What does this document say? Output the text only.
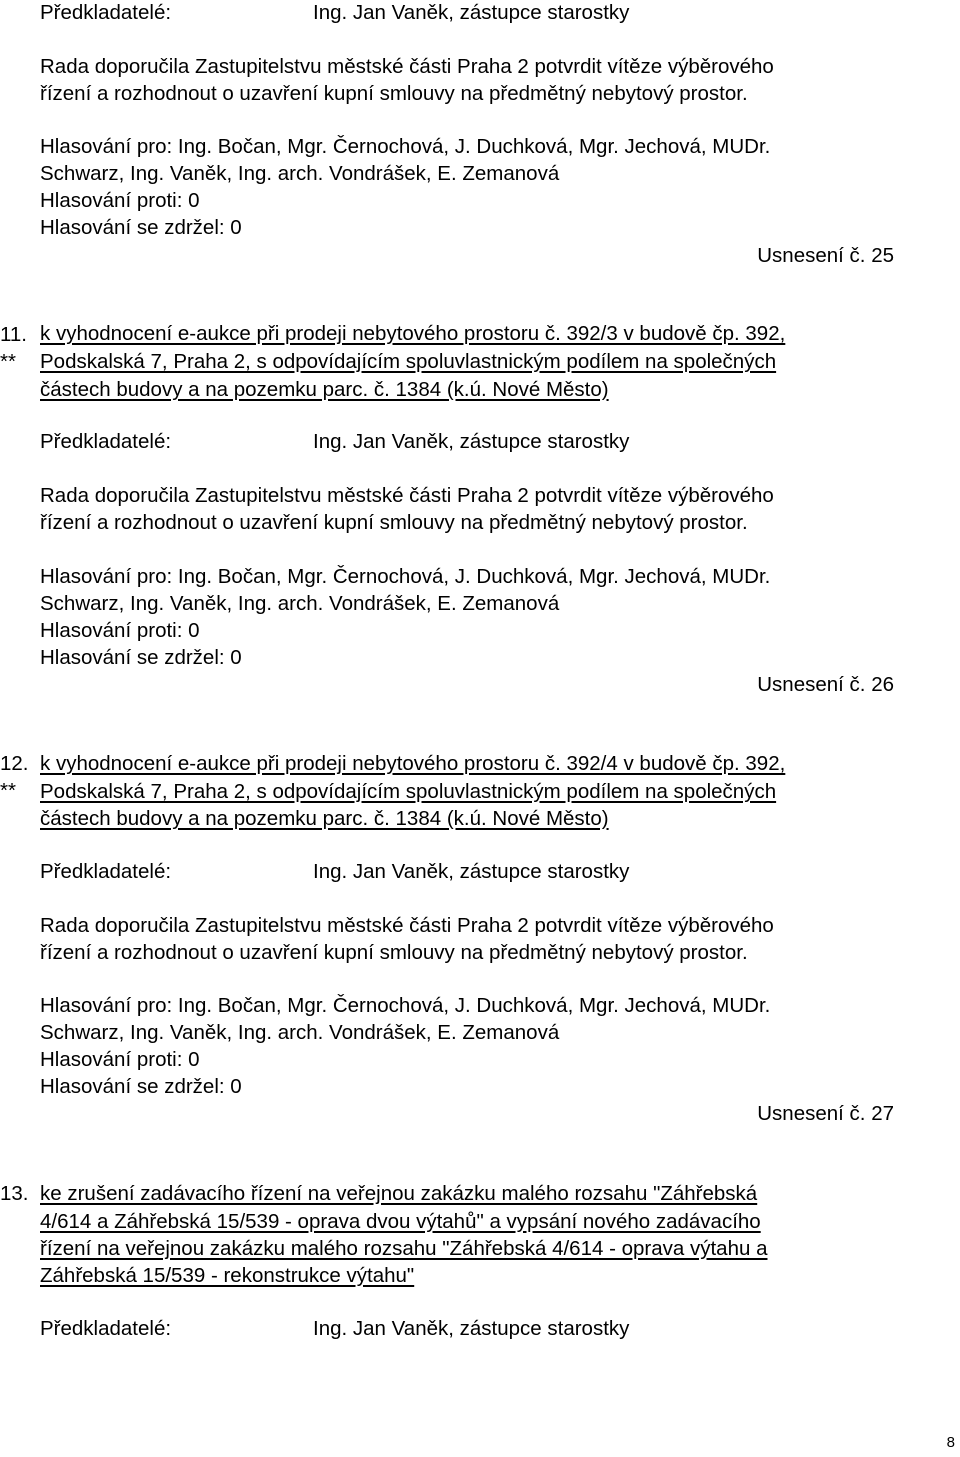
Předkladatelé:	Ing. Jan Vaněk, zástupce starostky
Rada doporučila Zastupitelstvu městské části Praha 2 potvrdit vítěze výběrového
řízení a rozhodnout o uzavření kupní smlouvy na předmětný nebytový prostor.
Hlasování pro: Ing. Bočan, Mgr. Černochová, J. Duchková, Mgr. Jechová, MUDr.
Schwarz, Ing. Vaněk, Ing. arch. Vondrášek, E. Zemanová
Hlasování proti: 0
Hlasování se zdržel: 0
Usnesení č. 25
11.
**
k vyhodnocení e-aukce při prodeji nebytového prostoru č. 392/3 v budově čp. 392,
Podskalská 7, Praha 2, s odpovídajícím spoluvlastnickým podílem na společných
částech budovy a na pozemku parc. č. 1384 (k.ú. Nové Město)
Předkladatelé:	Ing. Jan Vaněk, zástupce starostky
Rada doporučila Zastupitelstvu městské části Praha 2 potvrdit vítěze výběrového
řízení a rozhodnout o uzavření kupní smlouvy na předmětný nebytový prostor.
Hlasování pro: Ing. Bočan, Mgr. Černochová, J. Duchková, Mgr. Jechová, MUDr.
Schwarz, Ing. Vaněk, Ing. arch. Vondrášek, E. Zemanová
Hlasování proti: 0
Hlasování se zdržel: 0
Usnesení č. 26
12.
**
k vyhodnocení e-aukce při prodeji nebytového prostoru č. 392/4 v budově čp. 392,
Podskalská 7, Praha 2, s odpovídajícím spoluvlastnickým podílem na společných
částech budovy a na pozemku parc. č. 1384 (k.ú. Nové Město)
Předkladatelé:	Ing. Jan Vaněk, zástupce starostky
Rada doporučila Zastupitelstvu městské části Praha 2 potvrdit vítěze výběrového
řízení a rozhodnout o uzavření kupní smlouvy na předmětný nebytový prostor.
Hlasování pro: Ing. Bočan, Mgr. Černochová, J. Duchková, Mgr. Jechová, MUDr.
Schwarz, Ing. Vaněk, Ing. arch. Vondrášek, E. Zemanová
Hlasování proti: 0
Hlasování se zdržel: 0
Usnesení č. 27
13. ke zrušení zadávacího řízení na veřejnou zakázku malého rozsahu "Záhřebská
4/614 a Záhřebská 15/539 - oprava dvou výtahů" a vypsání nového zadávacího
řízení na veřejnou zakázku malého rozsahu "Záhřebská 4/614 - oprava výtahu a
Záhřebská 15/539 - rekonstrukce výtahu"
Předkladatelé:	Ing. Jan Vaněk, zástupce starostky
8
